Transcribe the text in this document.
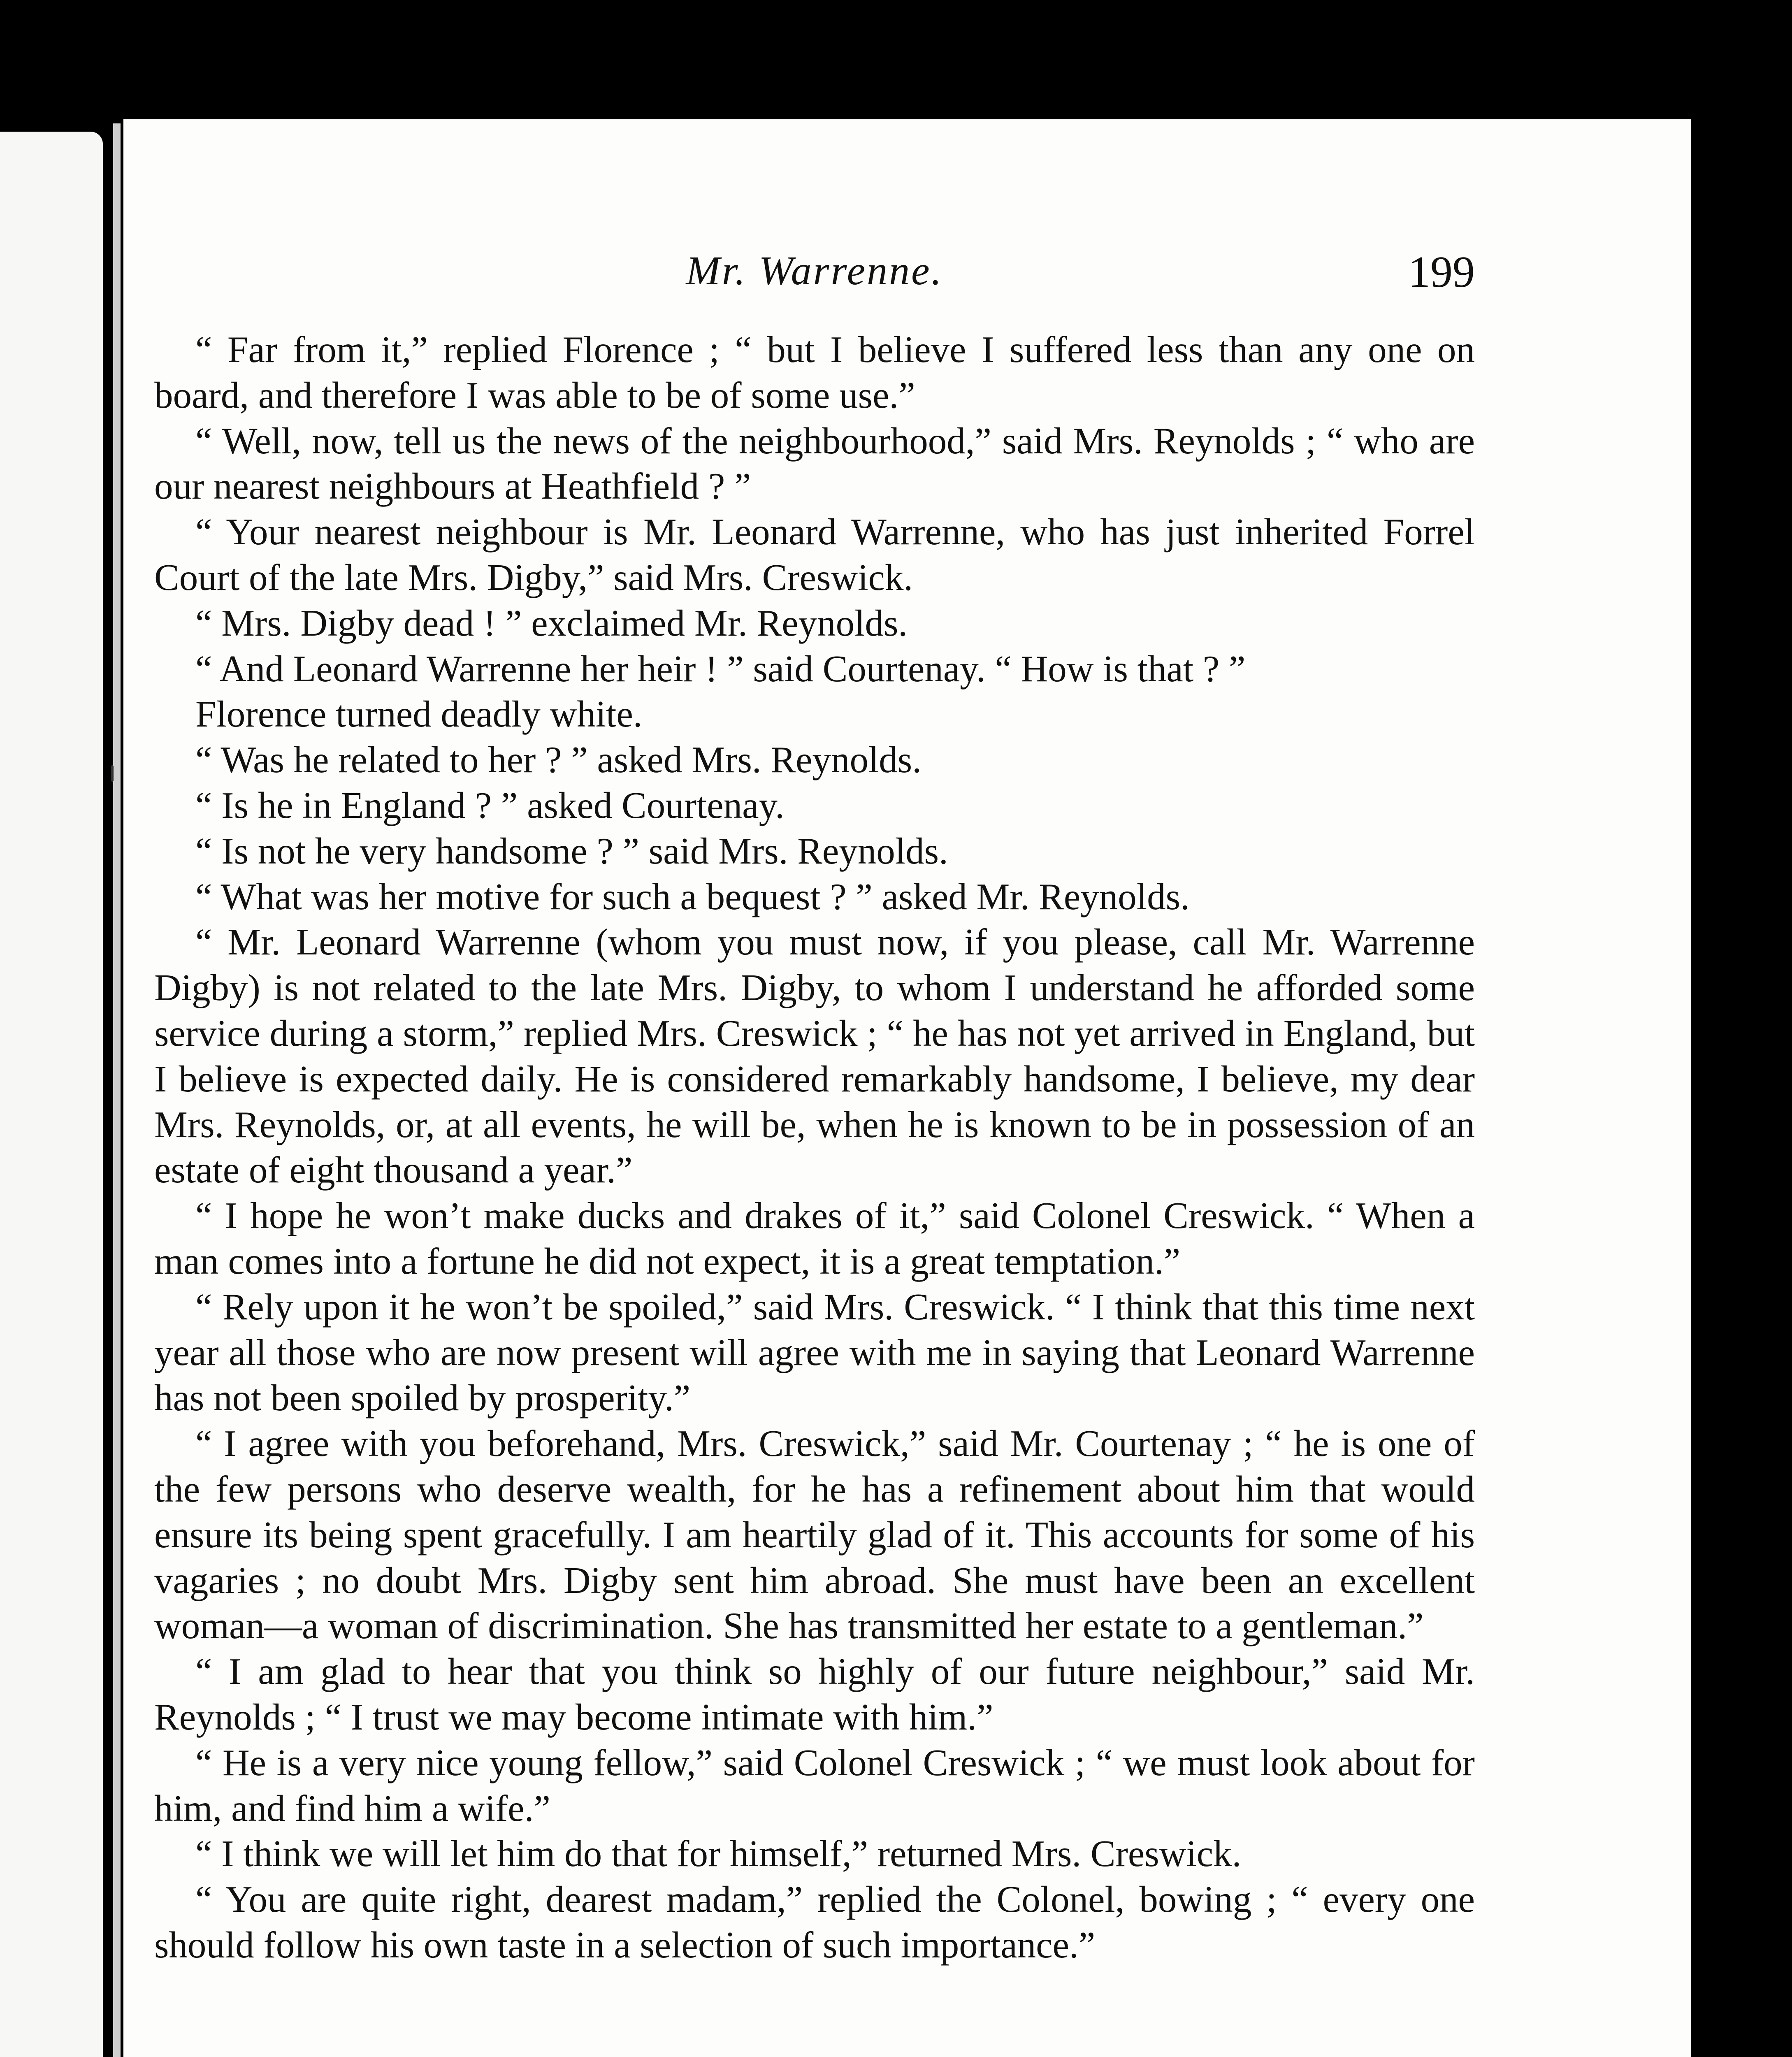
Mr. Warrenne.	199

“ Far from it,” replied Florence ; “ but I believe I suffered less than any one on board, and therefore I was able to be of some use.”

“ Well, now, tell us the news of the neighbourhood,” said Mrs. Reynolds ; “ who are our nearest neighbours at Heathfield ? ”

“ Your nearest neighbour is Mr. Leonard Warrenne, who has just inherited Forrel Court of the late Mrs. Digby,” said Mrs. Creswick.

“ Mrs. Digby dead ! ” exclaimed Mr. Reynolds.

“ And Leonard Warrenne her heir ! ” said Courtenay. “ How is that ? ”

Florence turned deadly white.

“ Was he related to her ? ” asked Mrs. Reynolds.

“ Is he in England ? ” asked Courtenay.

“ Is not he very handsome ? ” said Mrs. Reynolds.

“ What was her motive for such a bequest ? ” asked Mr. Reynolds.

“ Mr. Leonard Warrenne (whom you must now, if you please, call Mr. Warrenne Digby) is not related to the late Mrs. Digby, to whom I understand he afforded some service during a storm,” replied Mrs. Creswick ; “ he has not yet arrived in England, but I believe is expected daily. He is considered remarkably handsome, I believe, my dear Mrs. Reynolds, or, at all events, he will be, when he is known to be in possession of an estate of eight thousand a year.”

“ I hope he won’t make ducks and drakes of it,” said Colonel Creswick. “ When a man comes into a fortune he did not expect, it is a great temptation.”

“ Rely upon it he won’t be spoiled,” said Mrs. Creswick. “ I think that this time next year all those who are now present will agree with me in saying that Leonard Warrenne has not been spoiled by prosperity.”

“ I agree with you beforehand, Mrs. Creswick,” said Mr. Courtenay ; “ he is one of the few persons who deserve wealth, for he has a refinement about him that would ensure its being spent gracefully. I am heartily glad of it. This accounts for some of his vagaries ; no doubt Mrs. Digby sent him abroad. She must have been an excellent woman—a woman of discrimination. She has transmitted her estate to a gentleman.”

“ I am glad to hear that you think so highly of our future neighbour,” said Mr. Reynolds ; “ I trust we may become intimate with him.”

“ He is a very nice young fellow,” said Colonel Creswick ; “ we must look about for him, and find him a wife.”

“ I think we will let him do that for himself,” returned Mrs. Creswick.

“ You are quite right, dearest madam,” replied the Colonel, bowing ; “ every one should follow his own taste in a selection of such importance.”
